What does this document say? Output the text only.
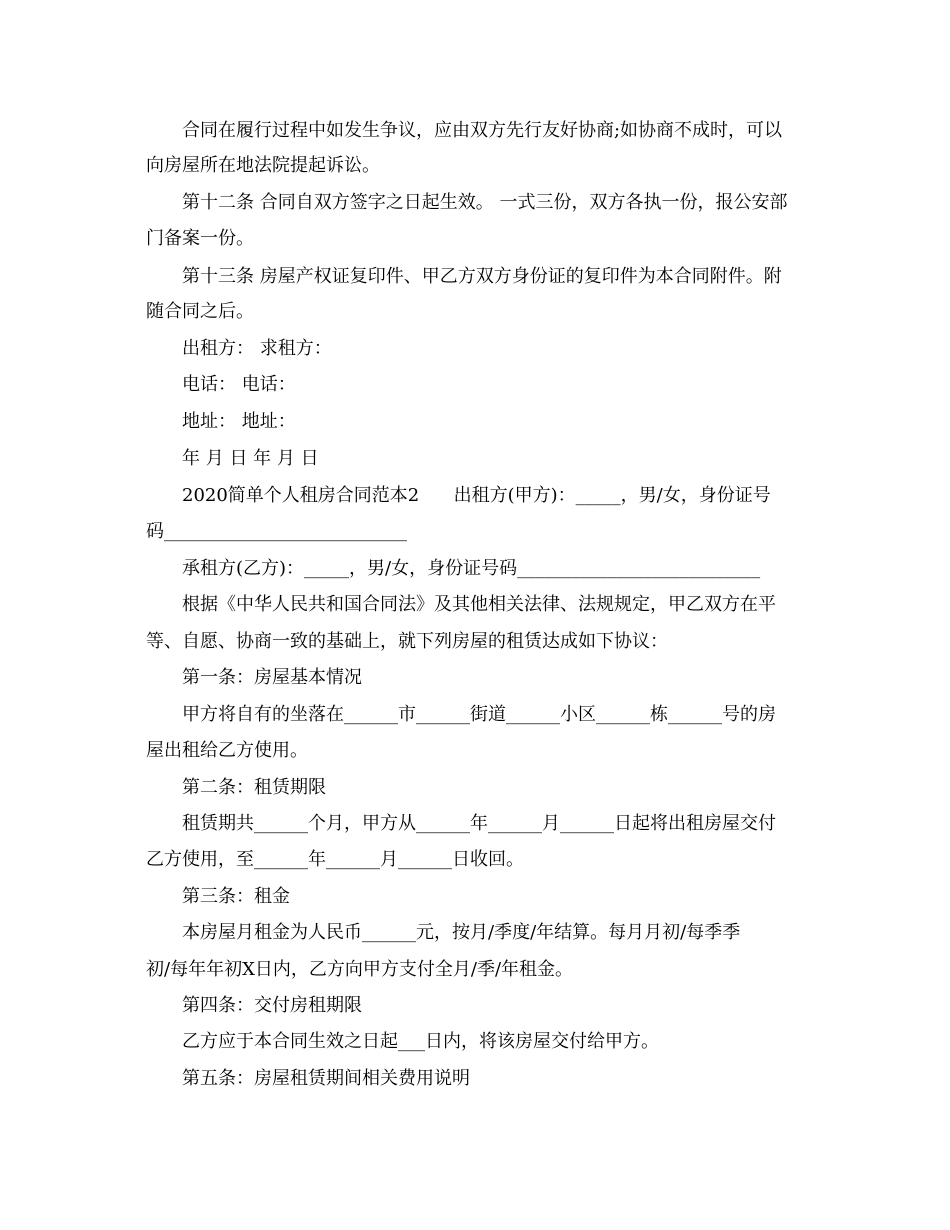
合同在履行过程中如发生争议，应由双方先行友好协商;如协商不成时，可以
向房屋所在地法院提起诉讼。
第十二条 合同自双方签字之日起生效。 一式三份，双方各执一份，报公安部
门备案一份。
第十三条 房屋产权证复印件、甲乙方双方身份证的复印件为本合同附件。附
随合同之后。
出租方： 求租方：
电话： 电话：
地址： 地址：
年 月 日 年 月 日
2020简单个人租房合同范本2      出租方(甲方)：_____，男/女，身份证号
码___________________________
承租方(乙方)：_____，男/女，身份证号码___________________________
根据《中华人民共和国合同法》及其他相关法律、法规规定，甲乙双方在平
等、自愿、协商一致的基础上，就下列房屋的租赁达成如下协议：
第一条：房屋基本情况
甲方将自有的坐落在______市______街道______小区______栋______号的房
屋出租给乙方使用。
第二条：租赁期限
租赁期共______个月，甲方从______年______月______日起将出租房屋交付
乙方使用，至______年______月______日收回。
第三条：租金
本房屋月租金为人民币______元，按月/季度/年结算。每月月初/每季季
初/每年年初X日内，乙方向甲方支付全月/季/年租金。
第四条：交付房租期限
乙方应于本合同生效之日起___日内，将该房屋交付给甲方。
第五条：房屋租赁期间相关费用说明
